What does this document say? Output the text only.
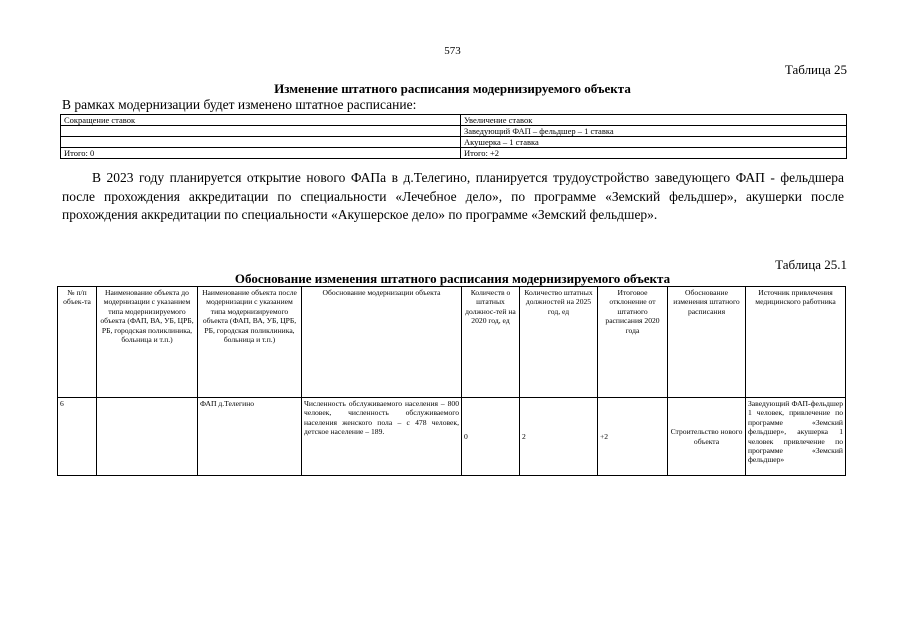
573
Таблица 25
Изменение штатного расписания модернизируемого объекта
В рамках модернизации будет изменено штатное расписание:
Сокращение ставок	Увеличение ставок
	Заведующий ФАП – фельдшер – 1 ставка
	Акушерка – 1 ставка
Итого: 0	Итого: +2
В 2023 году планируется открытие нового ФАПа в д.Телегино, планируется трудоустройство заведующего ФАП - фельдшера после прохождения аккредитации по специальности «Лечебное дело», по программе «Земский фельдшер», акушерки после прохождения аккредитации по специальности «Акушерское дело» по программе «Земский фельдшер».
Таблица 25.1
Обоснование изменения штатного расписания модернизируемого объекта
№ п/п объек-та	Наименование объекта до модернизации с указанием типа модернизируемого объекта (ФАП, ВА, УБ, ЦРБ, РБ, городская поликлиника, больница и т.п.)	Наименование объекта после модернизации с указанием типа модернизируемого объекта (ФАП, ВА, УБ, ЦРБ, РБ, городская поликлиника, больница и т.п.)	Обоснование модернизации объекта	Количеств о штатных должнос-тей на 2020 год, ед	Количество штатных должностей на 2025 год, ед	Итоговое отклонение от штатного расписания 2020 года	Обоснование изменения штатного расписания	Источник привлечения медицинского работника
6		ФАП д.Телегино	Численность обслуживаемого населения – 800 человек, численность обслуживаемого населения женского пола – с 478 человек, детское население – 189.	0	2	+2	Строительство нового объекта	Заведующий ФАП-фельдшер 1 человек, привлечение по программе «Земский фельдшер», акушерка 1 человек привлечение по программе «Земский фельдшер»
